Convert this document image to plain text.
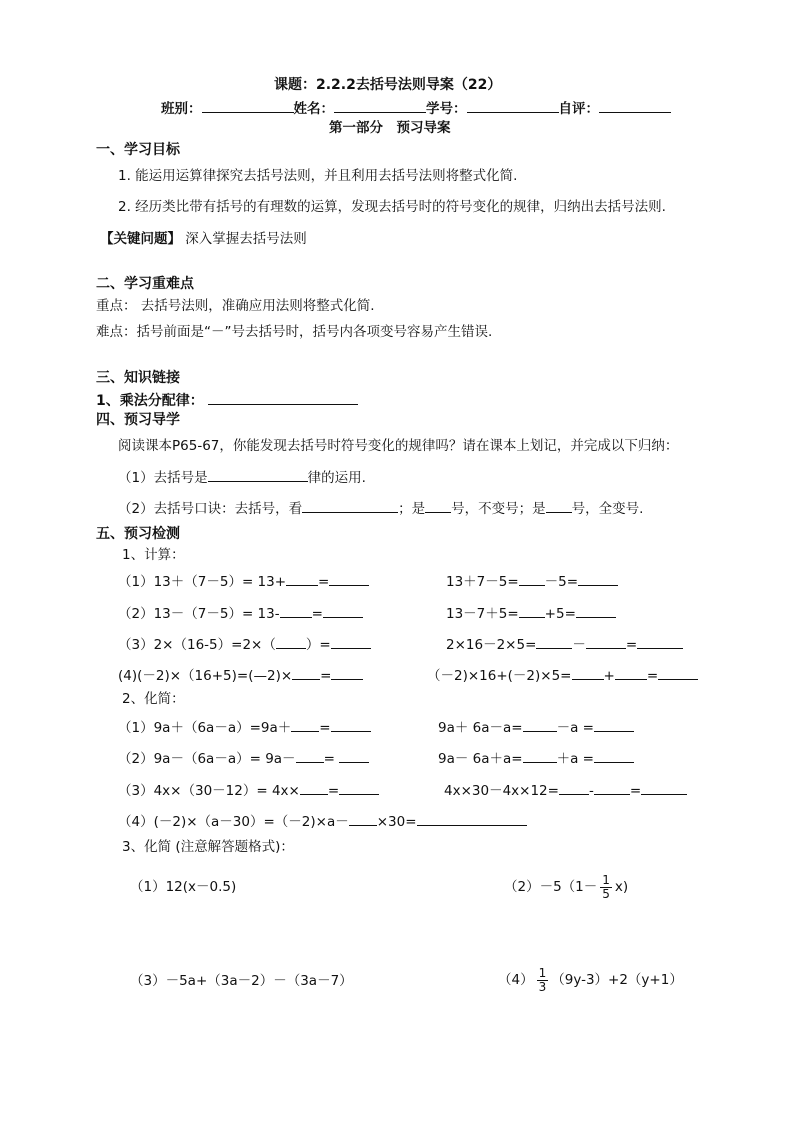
课题：2.2.2去括号法则导案（22）
班别：	姓名：	学号：	自评：
第一部分　预习导案
一、学习目标
1. 能运用运算律探究去括号法则，并且利用去括号法则将整式化简.
2. 经历类比带有括号的有理数的运算，发现去括号时的符号变化的规律，归纳出去括号法则.
【关键问题】 深入掌握去括号法则
二、学习重难点
重点： 去括号法则，准确应用法则将整式化简.
难点：括号前面是“－”号去括号时，括号内各项变号容易产生错误.
三、知识链接
1、乘法分配律：
四、预习导学
阅读课本P65-67，你能发现去括号时符号变化的规律吗？请在课本上划记，并完成以下归纳：
（1）去括号是	律的运用.
（2）去括号口诀：去括号，看	；是 号，不变号；是 号，全变号.
五、预习检测
1、计算：
（1）13＋（7－5）= 13+ =	13＋7－5= －5=
（2）13－（7－5）= 13- =	13－7＋5= +5=
（3）2×（16-5）=2×（ ）=	2×16－2×5=	－	=
(4)(－2)×（16+5)=(—2)× =	（－2)×16+(－2)×5= + =
2、化简：
（1）9a＋（6a－a）=9a＋ =	9a＋ 6a－a=	－a =
（2）9a－（6a－a）= 9a－ =	9a－ 6a＋a=	＋a =
（3）4x×（30－12）= 4x× =	4x×30－4x×12= -	=
（4）(－2)×（a－30）=（－2)×a－ ×30=
3、化简 (注意解答题格式)：
（1）12(x－0.5)	$(2)-5(1- \frac{1}{5} x)$
（3）－5a+（3a－2）－（3a－7）	$(4) \frac{1}{3} (9y-3)+2(y+1)$
